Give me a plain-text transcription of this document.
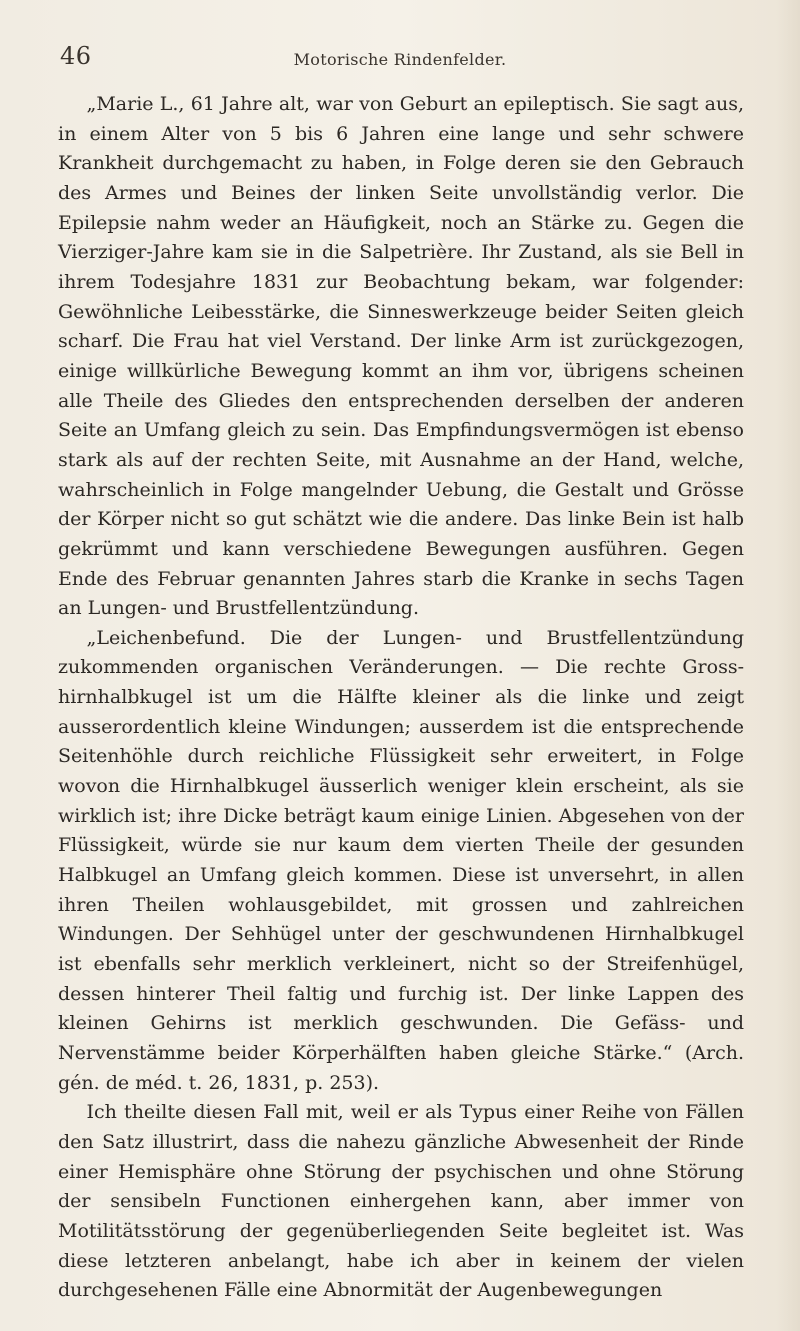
46	Motorische Rindenfelder.

„Marie L., 61 Jahre alt, war von Geburt an epileptisch. Sie sagt aus, in einem Alter von 5 bis 6 Jahren eine lange und sehr schwere Krankheit durchgemacht zu haben, in Folge deren sie den Gebrauch des Armes und Beines der linken Seite unvollständig verlor. Die Epilepsie nahm weder an Häufigkeit, noch an Stärke zu. Gegen die Vierziger-Jahre kam sie in die Salpetrière. Ihr Zustand, als sie Bell in ihrem Todesjahre 1831 zur Beobachtung bekam, war folgender: Gewöhnliche Leibesstärke, die Sinneswerkzeuge beider Seiten gleich scharf. Die Frau hat viel Verstand. Der linke Arm ist zurückgezogen, einige willkürliche Bewegung kommt an ihm vor, übrigens scheinen alle Theile des Gliedes den entsprechenden derselben der anderen Seite an Umfang gleich zu sein. Das Empfindungsvermögen ist ebenso stark als auf der rechten Seite, mit Ausnahme an der Hand, welche, wahrscheinlich in Folge mangelnder Uebung, die Gestalt und Grösse der Körper nicht so gut schätzt wie die andere. Das linke Bein ist halb gekrümmt und kann verschiedene Bewegungen ausführen. Gegen Ende des Februar genannten Jahres starb die Kranke in sechs Tagen an Lungen- und Brustfellentzündung.

„Leichenbefund. Die der Lungen- und Brustfellentzündung zukommenden organischen Veränderungen. — Die rechte Grosshirnhalbkugel ist um die Hälfte kleiner als die linke und zeigt ausserordentlich kleine Windungen; ausserdem ist die entsprechende Seitenhöhle durch reichliche Flüssigkeit sehr erweitert, in Folge wovon die Hirnhalbkugel äusserlich weniger klein erscheint, als sie wirklich ist; ihre Dicke beträgt kaum einige Linien. Abgesehen von der Flüssigkeit, würde sie nur kaum dem vierten Theile der gesunden Halbkugel an Umfang gleich kommen. Diese ist unversehrt, in allen ihren Theilen wohlausgebildet, mit grossen und zahlreichen Windungen. Der Sehhügel unter der geschwundenen Hirnhalbkugel ist ebenfalls sehr merklich verkleinert, nicht so der Streifenhügel, dessen hinterer Theil faltig und furchig ist. Der linke Lappen des kleinen Gehirns ist merklich geschwunden. Die Gefäss- und Nervenstämme beider Körperhälften haben gleiche Stärke.“ (Arch. gén. de méd. t. 26, 1831, p. 253).

Ich theilte diesen Fall mit, weil er als Typus einer Reihe von Fällen den Satz illustrirt, dass die nahezu gänzliche Abwesenheit der Rinde einer Hemisphäre ohne Störung der psychischen und ohne Störung der sensibeln Functionen einhergehen kann, aber immer von Motilitätsstörung der gegenüberliegenden Seite begleitet ist. Was diese letzteren anbelangt, habe ich aber in keinem der vielen durchgesehenen Fälle eine Abnormität der Augenbewegungen
